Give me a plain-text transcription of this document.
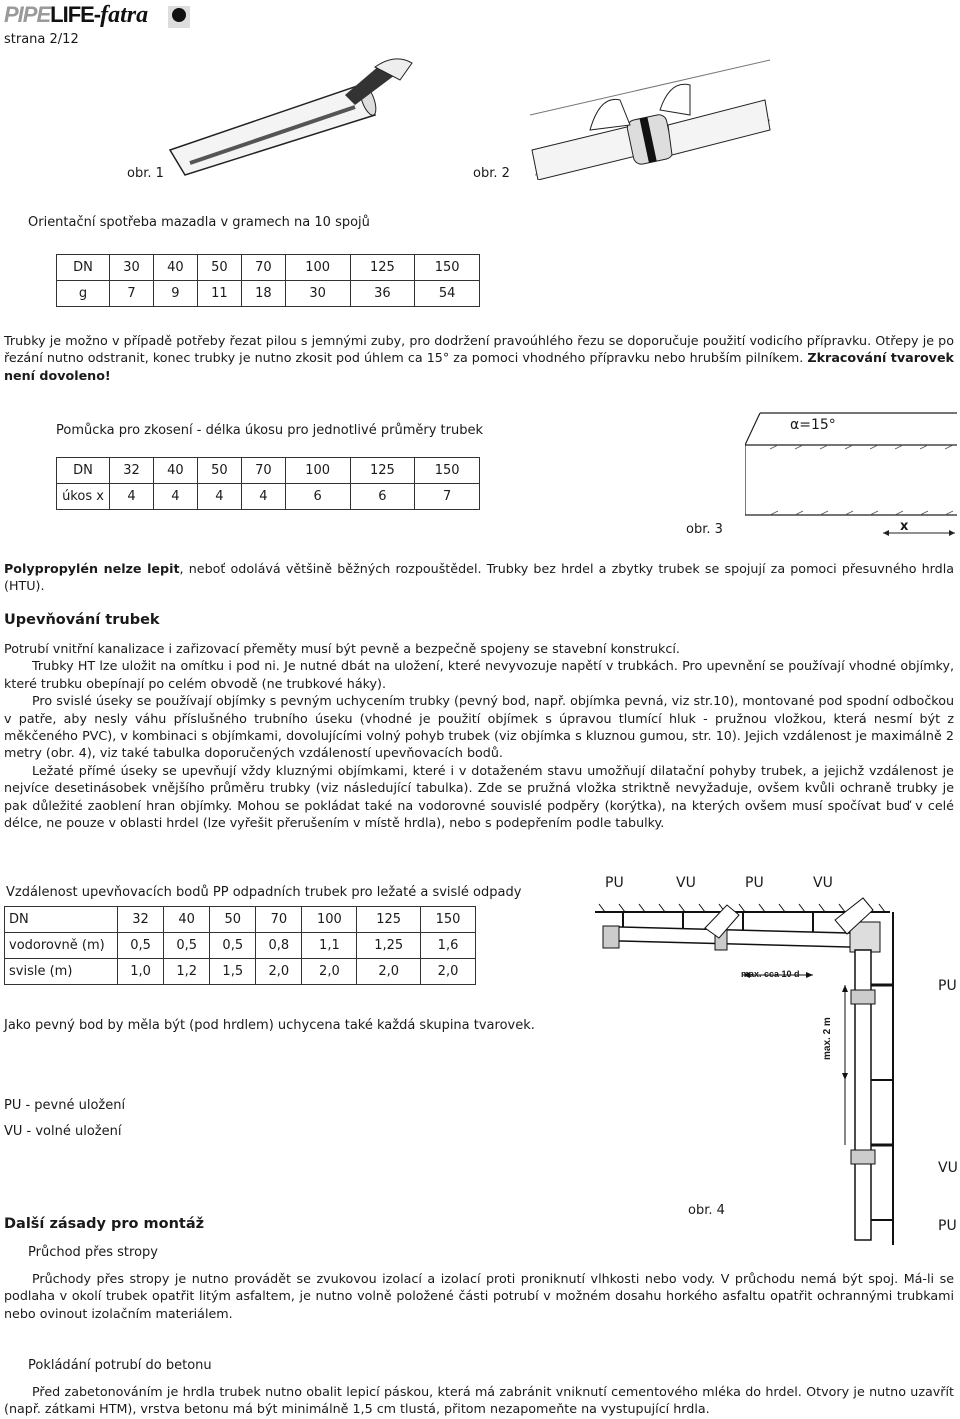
PIPELIFE-fatra
strana 2/12
obr. 1	obr. 2
Orientační spotřeba mazadla v gramech na 10 spojů
DN	30	40	50	70	100	125	150
g	7	9	11	18	30	36	54
Trubky je možno v případě potřeby řezat pilou s jemnými zuby, pro dodržení pravoúhlého řezu se doporučuje použití vodicího přípravku. Otřepy je po řezání nutno odstranit, konec trubky je nutno zkosit pod úhlem ca 15° za pomoci vhodného přípravku nebo hrubším pilníkem. Zkracování tvarovek není dovoleno!
Pomůcka pro zkosení - délka úkosu pro jednotlivé průměry trubek
DN	32	40	50	70	100	125	150
úkos x	4	4	4	4	6	6	7
α=15°
x
obr. 3
Polypropylén nelze lepit, neboť odolává většině běžných rozpouštědel. Trubky bez hrdel a zbytky trubek se spojují za pomoci přesuvného hrdla (HTU).
Upevňování trubek

Potrubí vnitřní kanalizace i zařizovací přeměty musí být pevně a bezpečně spojeny se stavební konstrukcí.

Trubky HT lze uložit na omítku i pod ni. Je nutné dbát na uložení, které nevyvozuje napětí v trubkách. Pro upevnění se používají vhodné objímky, které trubku obepínají po celém obvodě (ne trubkové háky).

Pro svislé úseky se používají objímky s pevným uchycením trubky (pevný bod, např. objímka pevná, viz str.10), montované pod spodní odbočkou v patře, aby nesly váhu příslušného trubního úseku (vhodné je použití objímek s úpravou tlumící hluk - pružnou vložkou, která nesmí být z měkčeného PVC), v kombinaci s objímkami, dovolujícími volný pohyb trubek (viz objímka s kluznou gumou, str. 10). Jejich vzdálenost je maximálně 2 metry (obr. 4), viz také tabulka doporučených vzdáleností upevňovacích bodů.

Ležaté přímé úseky se upevňují vždy kluznými objímkami, které i v dotaženém stavu umožňují dilatační pohyby trubek, a jejichž vzdálenost je nejvíce desetinásobek vnějšího průměru trubky (viz následující tabulka). Zde se pružná vložka striktně nevyžaduje, ovšem kvůli ochraně trubky je pak důležité zaoblení hran objímky. Mohou se pokládat také na vodorovné souvislé podpěry (korýtka), na kterých ovšem musí spočívat buď v celé délce, ne pouze v oblasti hrdel (lze vyřešit přerušením v místě hrdla), nebo s podepřením podle tabulky.

Vzdálenost upevňovacích bodů PP odpadních trubek pro ležaté a svislé odpady
DN	32	40	50	70	100	125	150
vodorovně (m)	0,5	0,5	0,5	0,8	1,1	1,25	1,6
svisle (m)	1,0	1,2	1,5	2,0	2,0	2,0	2,0
Jako pevný bod by měla být (pod hrdlem) uchycena také každá skupina tvarovek.
PU - pevné uložení
VU - volné uložení
PU	VU	PU	VU
max. cca 10 d
max. 2 m
PU
VU
PU
obr. 4
Další zásady pro montáž
Průchod přes stropy
Průchody přes stropy je nutno provádět se zvukovou izolací a izolací proti proniknutí vlhkosti nebo vody. V průchodu nemá být spoj. Má-li se podlaha v okolí trubek opatřit litým asfaltem, je nutno volně položené části potrubí v možném dosahu horkého asfaltu opatřit ochrannými trubkami nebo ovinout izolačním materiálem.
Pokládání potrubí do betonu
Před zabetonováním je hrdla trubek nutno obalit lepicí páskou, která má zabránit vniknutí cementového mléka do hrdel. Otvory je nutno uzavřít (např. zátkami HTM), vrstva betonu má být minimálně 1,5 cm tlustá, přitom nezapomeňte na vystupující hrdla.
